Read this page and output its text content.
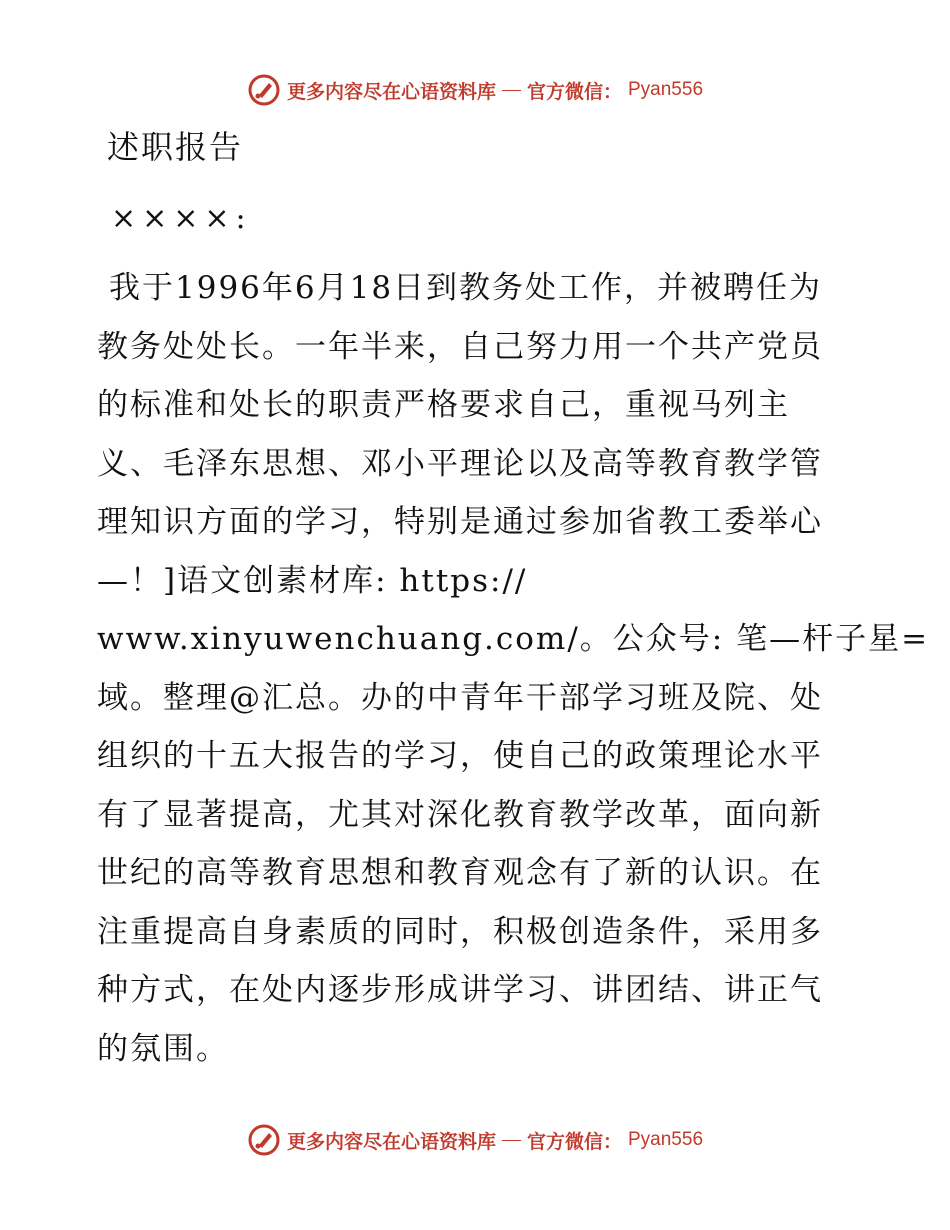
更多内容尽在心语资料库 — 官方微信： Pyan556
述职报告
××××:
我于1996年6月18日到教务处工作，并被聘任为
教务处处长。一年半来，自己努力用一个共产党员
的标准和处长的职责严格要求自己，重视马列主
义、毛泽东思想、邓小平理论以及高等教育教学管
理知识方面的学习，特别是通过参加省教工委举心
—！]语文创素材库: https://
www.xinyuwenchuang.com/。公众号: 笔—杆子星=
域。整理@汇总。办的中青年干部学习班及院、处
组织的十五大报告的学习，使自己的政策理论水平
有了显著提高，尤其对深化教育教学改革，面向新
世纪的高等教育思想和教育观念有了新的认识。在
注重提高自身素质的同时，积极创造条件，采用多
种方式，在处内逐步形成讲学习、讲团结、讲正气
的氛围。
更多内容尽在心语资料库 — 官方微信： Pyan556
